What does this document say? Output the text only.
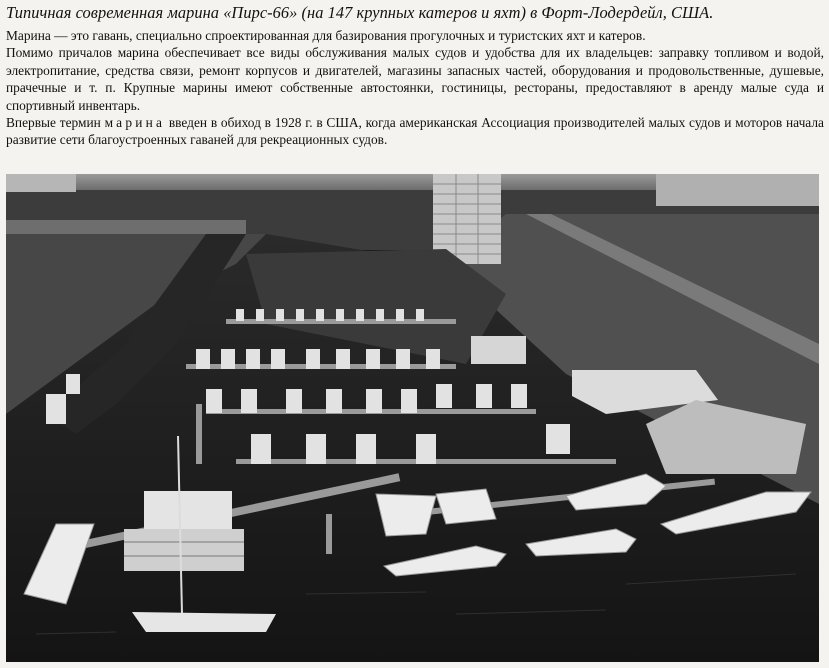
Типичная современная марина «Пирс-66» (на 147 крупных катеров и яхт) в Форт-Лодердейл, США.

Марина — это гавань, специально спроектированная для базирования прогулочных и туристских яхт и катеров.

Помимо причалов марина обеспечивает все виды обслуживания малых судов и удобства для их владельцев: заправку топливом и водой, электропитание, средства связи, ремонт корпусов и двигателей, магазины запасных частей, оборудования и продовольственные, душевые, прачечные и т. п. Крупные марины имеют собственные автостоянки, гостиницы, рестораны, предоставляют в аренду малые суда и спортивный инвентарь.

Впервые термин марина введен в обиход в 1928 г. в США, когда американская Ассоциация производителей малых судов и моторов начала развитие сети благоустроенных гаваней для рекреационных судов.
